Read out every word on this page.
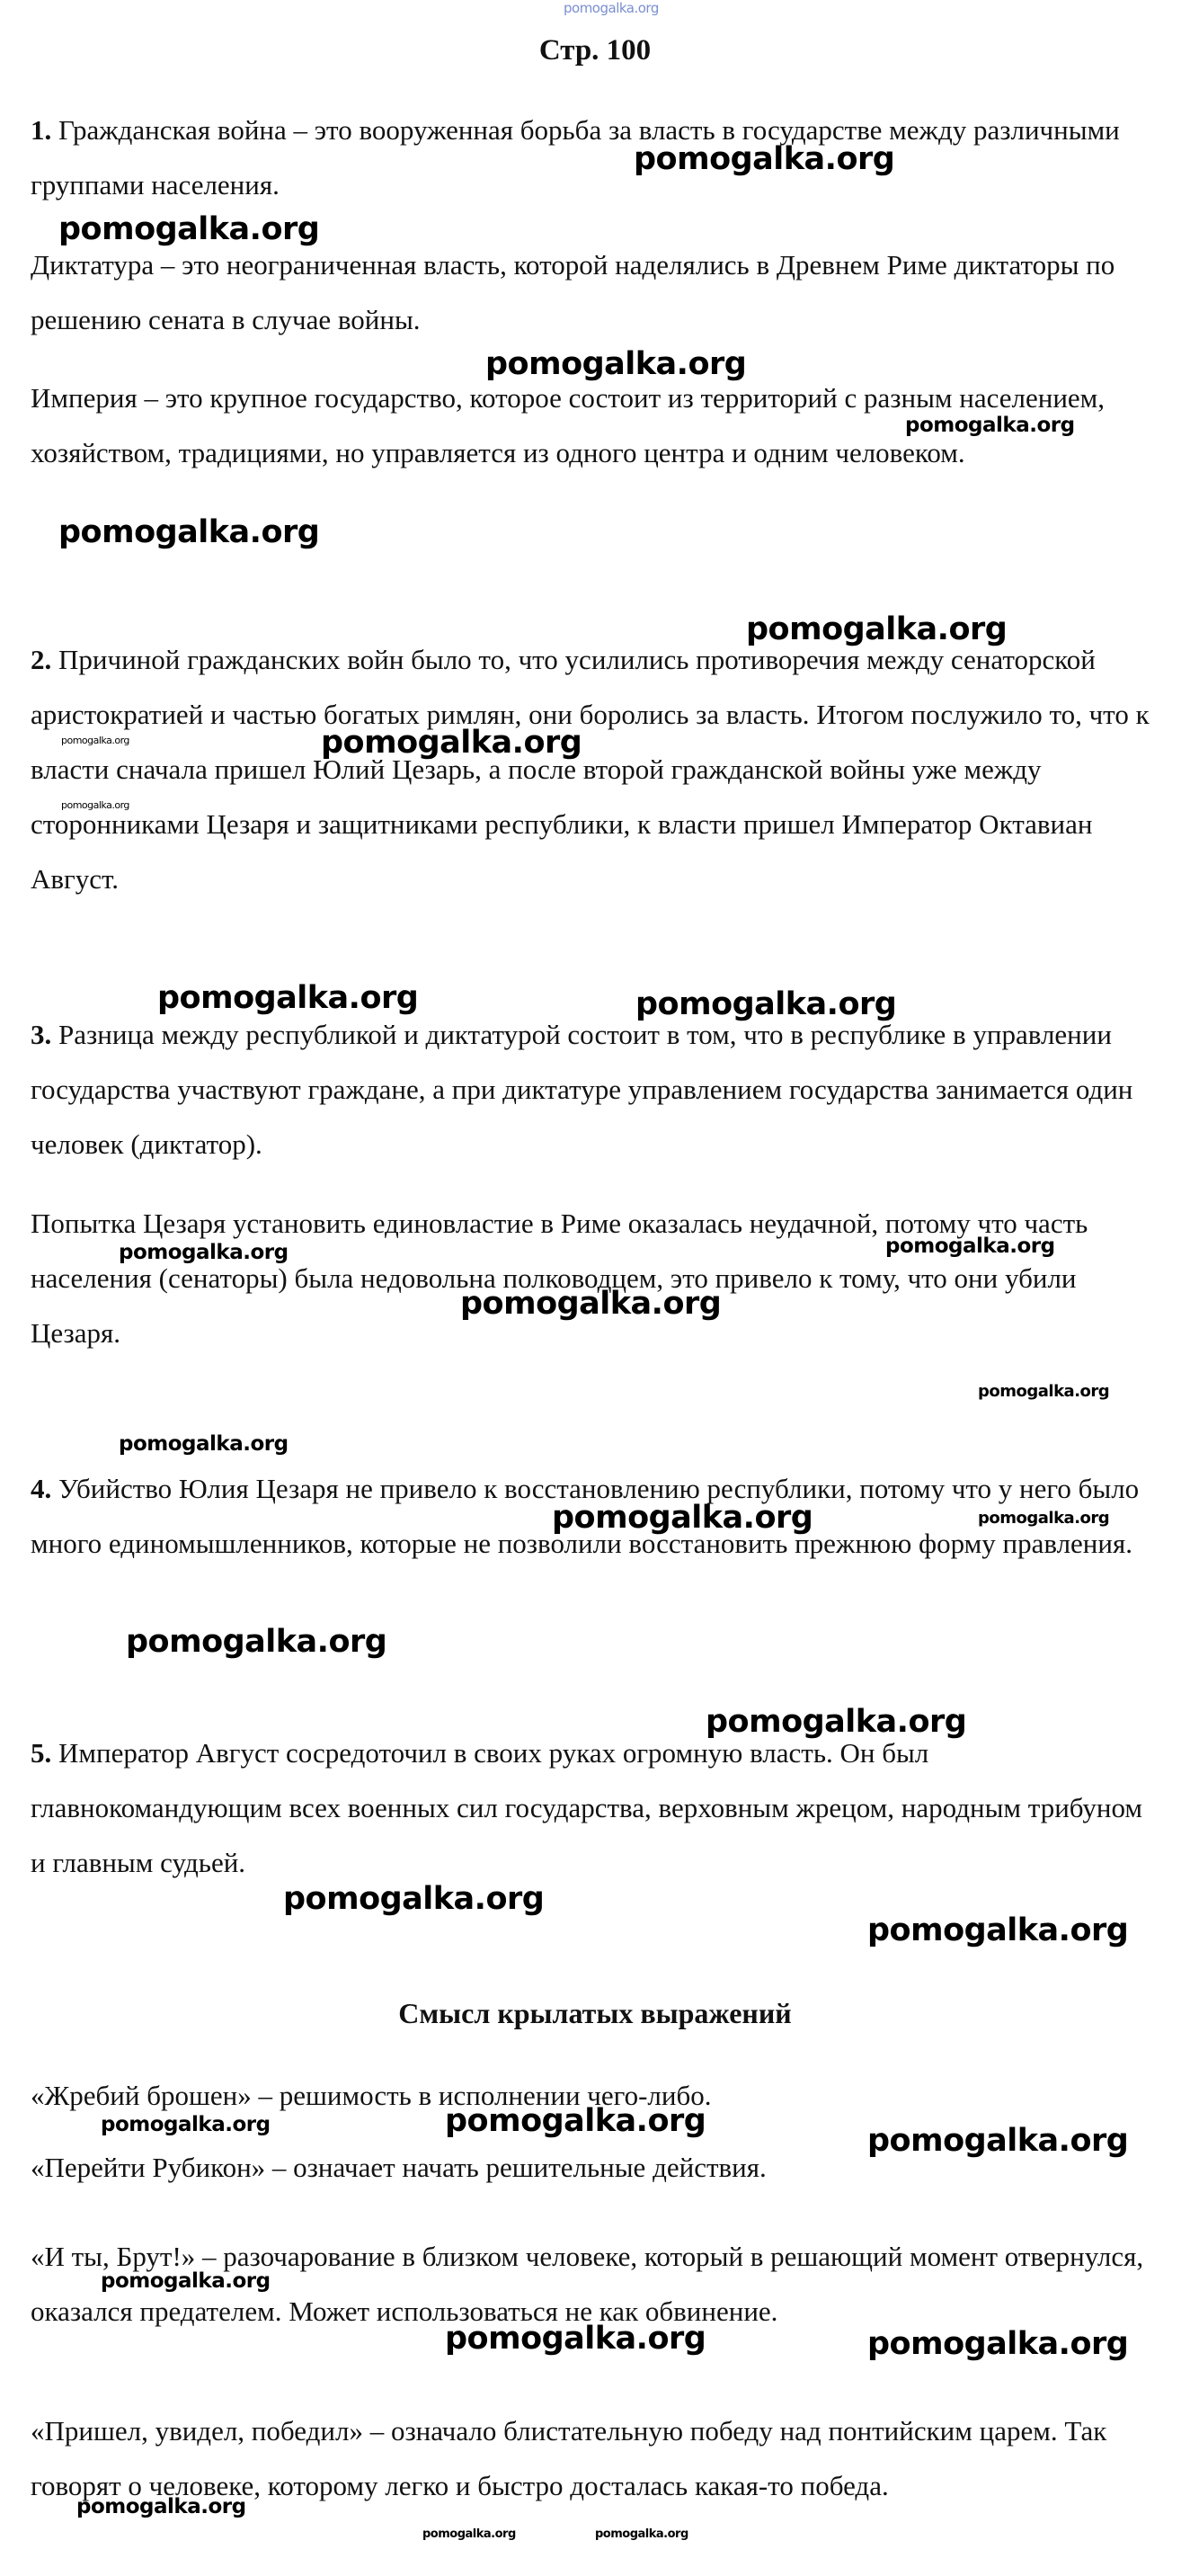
pomogalka.org
Стр. 100

1. Гражданская война – это вооруженная борьба за власть в государстве между различными группами населения.

Диктатура – это неограниченная власть, которой наделялись в Древнем Риме диктаторы по решению сената в случае войны.

Империя – это крупное государство, которое состоит из территорий с разным населением, хозяйством, традициями, но управляется из одного центра и одним человеком.

2. Причиной гражданских войн было то, что усилились противоречия между сенаторской аристократией и частью богатых римлян, они боролись за власть. Итогом послужило то, что к власти сначала пришел Юлий Цезарь, а после второй гражданской войны уже между сторонниками Цезаря и защитниками республики, к власти пришел Император Октавиан Август.

3. Разница между республикой и диктатурой состоит в том, что в республике в управлении государства участвуют граждане, а при диктатуре управлением государства занимается один человек (диктатор).

Попытка Цезаря установить единовластие в Риме оказалась неудачной, потому что часть населения (сенаторы) была недовольна полководцем, это привело к тому, что они убили Цезаря.

4. Убийство Юлия Цезаря не привело к восстановлению республики, потому что у него было много единомышленников, которые не позволили восстановить прежнюю форму правления.

5. Император Август сосредоточил в своих руках огромную власть. Он был главнокомандующим всех военных сил государства, верховным жрецом, народным трибуном и главным судьей.

Смысл крылатых выражений

«Жребий брошен» – решимость в исполнении чего-либо.

«Перейти Рубикон» – означает начать решительные действия.

«И ты, Брут!» – разочарование в близком человеке, который в решающий момент отвернулся, оказался предателем. Может использоваться не как обвинение.

«Пришел, увидел, победил» – означало блистательную победу над понтийским царем. Так говорят о человеке, которому легко и быстро досталась какая-то победа.

pomogalka.org
pomogalka.org
pomogalka.org
pomogalka.org
pomogalka.org
pomogalka.org
pomogalka.org
pomogalka.org
pomogalka.org
pomogalka.org	pomogalka.org
pomogalka.org	pomogalka.org
pomogalka.org
pomogalka.org
pomogalka.org
pomogalka.org	pomogalka.org
pomogalka.org
pomogalka.org
pomogalka.org
pomogalka.org
pomogalka.org	pomogalka.org
pomogalka.org
pomogalka.org
pomogalka.org	pomogalka.org
pomogalka.org
pomogalka.org	pomogalka.org
